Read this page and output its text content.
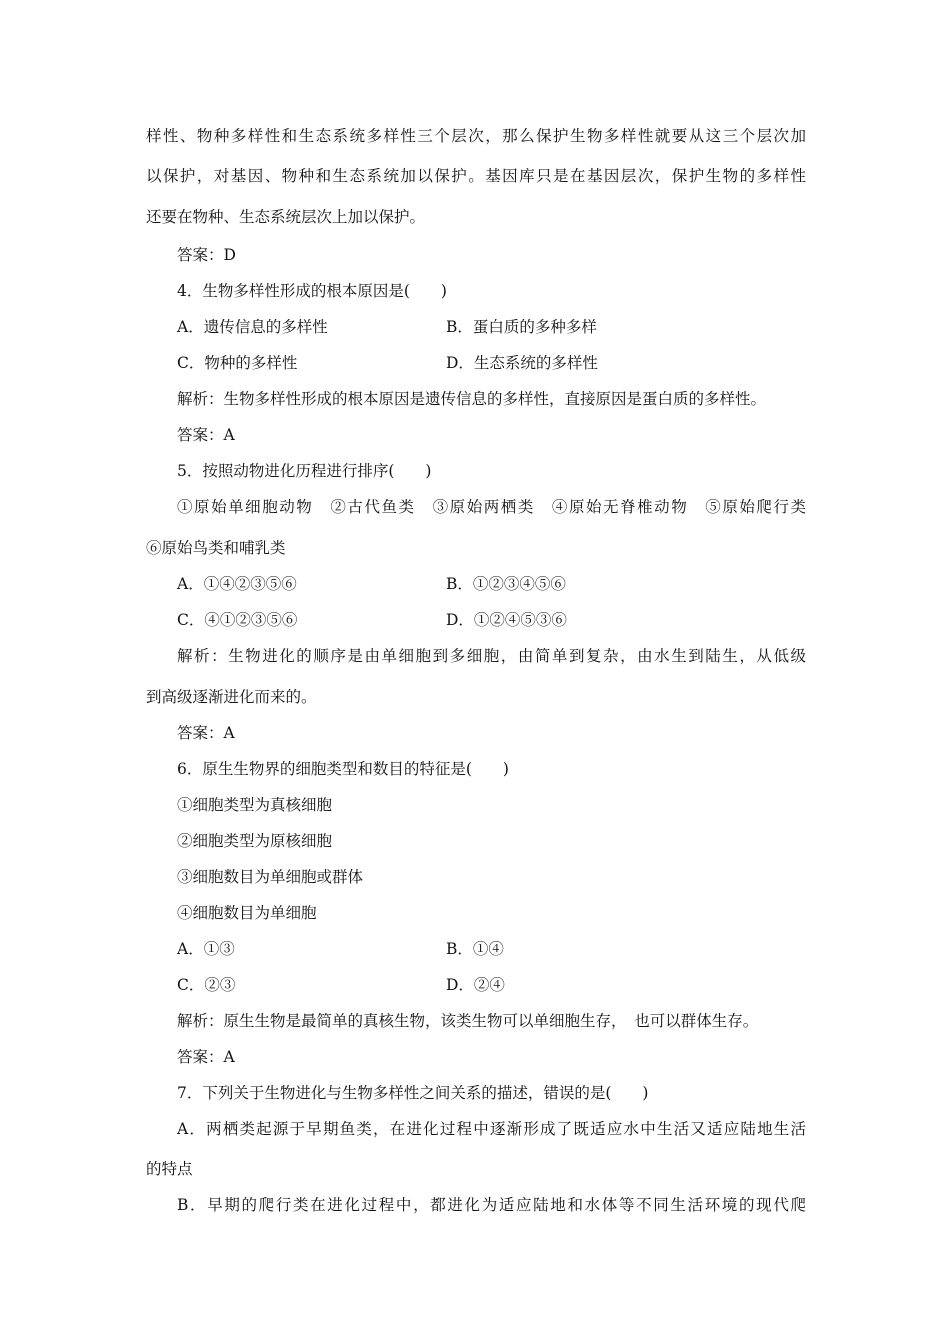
样性、物种多样性和生态系统多样性三个层次，那么保护生物多样性就要从这三个层次加
以保护，对基因、物种和生态系统加以保护。基因库只是在基因层次，保护生物的多样性
还要在物种、生态系统层次上加以保护。
答案：D
4．生物多样性形成的根本原因是(　　)
A．遗传信息的多样性	B．蛋白质的多种多样
C．物种的多样性	D．生态系统的多样性
解析：生物多样性形成的根本原因是遗传信息的多样性，直接原因是蛋白质的多样性。
答案：A
5．按照动物进化历程进行排序(　　)
①原始单细胞动物　②古代鱼类　③原始两栖类　④原始无脊椎动物　⑤原始爬行类
⑥原始鸟类和哺乳类
A．①④②③⑤⑥	B．①②③④⑤⑥
C．④①②③⑤⑥	D．①②④⑤③⑥
解析：生物进化的顺序是由单细胞到多细胞，由简单到复杂，由水生到陆生，从低级
到高级逐渐进化而来的。
答案：A
6．原生生物界的细胞类型和数目的特征是(　　)
①细胞类型为真核细胞
②细胞类型为原核细胞
③细胞数目为单细胞或群体
④细胞数目为单细胞
A．①③	B．①④
C．②③	D．②④
解析：原生生物是最简单的真核生物，该类生物可以单细胞生存，　也可以群体生存。
答案：A
7．下列关于生物进化与生物多样性之间关系的描述，错误的是(　　)
A．两栖类起源于早期鱼类，在进化过程中逐渐形成了既适应水中生活又适应陆地生活
的特点
B．早期的爬行类在进化过程中，都进化为适应陆地和水体等不同生活环境的现代爬
